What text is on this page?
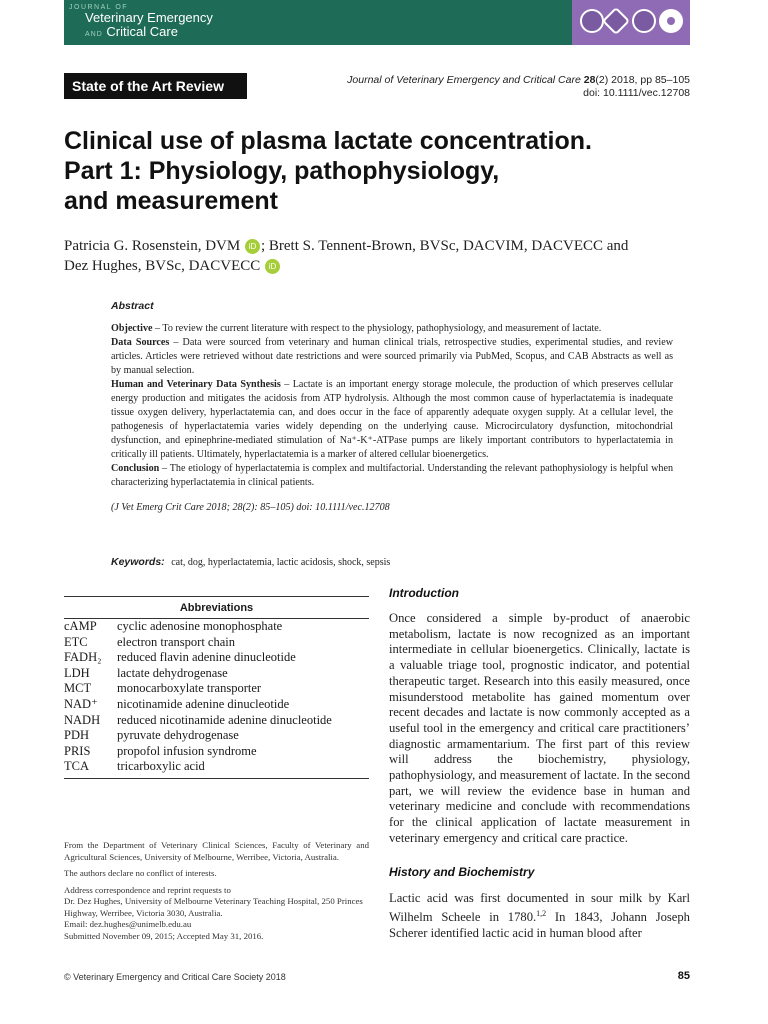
JOURNAL OF
Veterinary Emergency
AND Critical Care
State of the Art Review	Journal of Veterinary Emergency and Critical Care 28(2) 2018, pp 85–105
doi: 10.1111/vec.12708
Clinical use of plasma lactate concentration.
Part 1: Physiology, pathophysiology,
and measurement
Patricia G. Rosenstein, DVM iD ; Brett S. Tennent-Brown, BVSc, DACVIM, DACVECC and
Dez Hughes, BVSc, DACVECC iD
Abstract

Objective – To review the current literature with respect to the physiology, pathophysiology, and measurement of lactate.

Data Sources – Data were sourced from veterinary and human clinical trials, retrospective studies, experimental studies, and review articles. Articles were retrieved without date restrictions and were sourced primarily via PubMed, Scopus, and CAB Abstracts as well as by manual selection.

Human and Veterinary Data Synthesis – Lactate is an important energy storage molecule, the production of which preserves cellular energy production and mitigates the acidosis from ATP hydrolysis. Although the most common cause of hyperlactatemia is inadequate tissue oxygen delivery, hyperlactatemia can, and does occur in the face of apparently adequate oxygen supply. At a cellular level, the pathogenesis of hyperlactatemia varies widely depending on the underlying cause. Microcirculatory dysfunction, mitochondrial dysfunction, and epinephrine-mediated stimulation of Na⁺-K⁺-ATPase pumps are likely important contributors to hyperlactatemia in critically ill patients. Ultimately, hyperlactatemia is a marker of altered cellular bioenergetics.

Conclusion – The etiology of hyperlactatemia is complex and multifactorial. Understanding the relevant pathophysiology is helpful when characterizing hyperlactatemia in clinical patients.

(J Vet Emerg Crit Care 2018; 28(2): 85–105) doi: 10.1111/vec.12708

Keywords: cat, dog, hyperlactatemia, lactic acidosis, shock, sepsis
Abbreviations
cAMP	cyclic adenosine monophosphate
ETC	electron transport chain
FADH₂	reduced flavin adenine dinucleotide
LDH	lactate dehydrogenase
MCT	monocarboxylate transporter
NAD⁺	nicotinamide adenine dinucleotide
NADH	reduced nicotinamide adenine dinucleotide
PDH	pyruvate dehydrogenase
PRIS	propofol infusion syndrome
TCA	tricarboxylic acid

From the Department of Veterinary Clinical Sciences, Faculty of Veterinary and Agricultural Sciences, University of Melbourne, Werribee, Victoria, Australia.

The authors declare no conflict of interests.

Address correspondence and reprint requests to

Dr. Dez Hughes, University of Melbourne Veterinary Teaching Hospital, 250 Princes Highway, Werribee, Victoria 3030, Australia.

Email: dez.hughes@unimelb.edu.au

Submitted November 09, 2015; Accepted May 31, 2016.

Introduction

Once considered a simple by-product of anaerobic metabolism, lactate is now recognized as an important intermediate in cellular bioenergetics. Clinically, lactate is a valuable triage tool, prognostic indicator, and potential therapeutic target. Research into this easily measured, once misunderstood metabolite has gained momentum over recent decades and lactate is now commonly accepted as a useful tool in the emergency and critical care practitioners’ diagnostic armamentarium. The first part of this review will address the biochemistry, physiology, pathophysiology, and measurement of lactate. In the second part, we will review the evidence base in human and veterinary medicine and conclude with recommendations for the clinical application of lactate measurement in veterinary emergency and critical care practice.

History and Biochemistry

Lactic acid was first documented in sour milk by Karl Wilhelm Scheele in 1780.$^{1,2}$ In 1843, Johann Joseph Scherer identified lactic acid in human blood after

© Veterinary Emergency and Critical Care Society 2018	85
